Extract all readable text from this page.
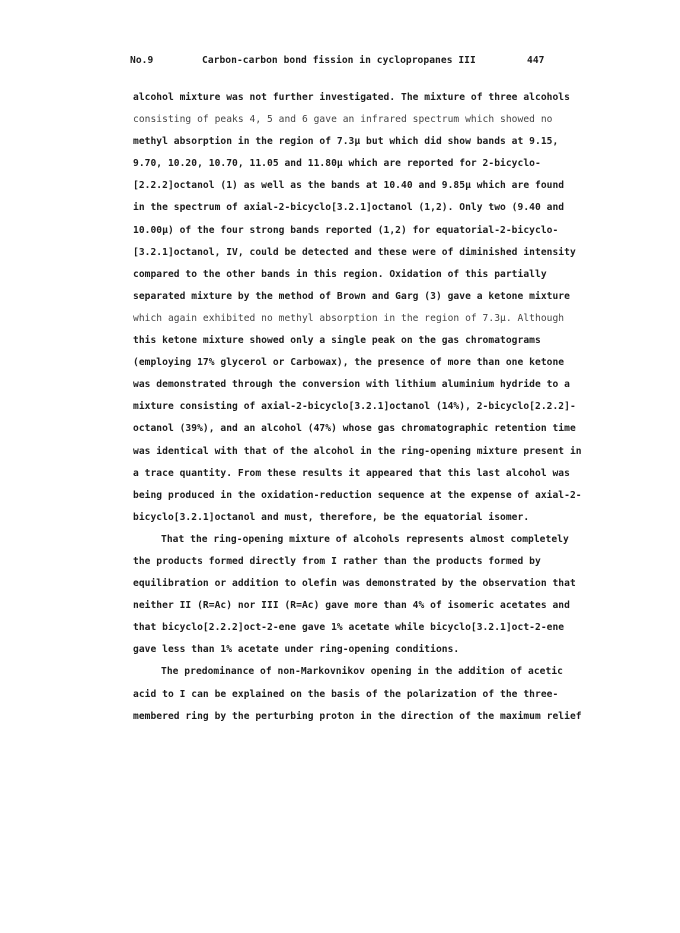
No.9	Carbon-carbon bond fission in cyclopropanes III	447
alcohol mixture was not further investigated. The mixture of three alcohols
consisting of peaks 4, 5 and 6 gave an infrared spectrum which showed no
methyl absorption in the region of 7.3μ but which did show bands at 9.15,
9.70, 10.20, 10.70, 11.05 and 11.80μ which are reported for 2-bicyclo-
[2.2.2]octanol (1) as well as the bands at 10.40 and 9.85μ which are found
in the spectrum of axial-2-bicyclo[3.2.1]octanol (1,2). Only two (9.40 and
10.00μ) of the four strong bands reported (1,2) for equatorial-2-bicyclo-
[3.2.1]octanol, IV, could be detected and these were of diminished intensity
compared to the other bands in this region. Oxidation of this partially
separated mixture by the method of Brown and Garg (3) gave a ketone mixture
which again exhibited no methyl absorption in the region of 7.3μ. Although
this ketone mixture showed only a single peak on the gas chromatograms
(employing 17% glycerol or Carbowax), the presence of more than one ketone
was demonstrated through the conversion with lithium aluminium hydride to a
mixture consisting of axial-2-bicyclo[3.2.1]octanol (14%), 2-bicyclo[2.2.2]-
octanol (39%), and an alcohol (47%) whose gas chromatographic retention time
was identical with that of the alcohol in the ring-opening mixture present in
a trace quantity. From these results it appeared that this last alcohol was
being produced in the oxidation-reduction sequence at the expense of axial-2-
bicyclo[3.2.1]octanol and must, therefore, be the equatorial isomer.
That the ring-opening mixture of alcohols represents almost completely
the products formed directly from I rather than the products formed by
equilibration or addition to olefin was demonstrated by the observation that
neither II (R=Ac) nor III (R=Ac) gave more than 4% of isomeric acetates and
that bicyclo[2.2.2]oct-2-ene gave 1% acetate while bicyclo[3.2.1]oct-2-ene
gave less than 1% acetate under ring-opening conditions.
The predominance of non-Markovnikov opening in the addition of acetic
acid to I can be explained on the basis of the polarization of the three-
membered ring by the perturbing proton in the direction of the maximum relief
